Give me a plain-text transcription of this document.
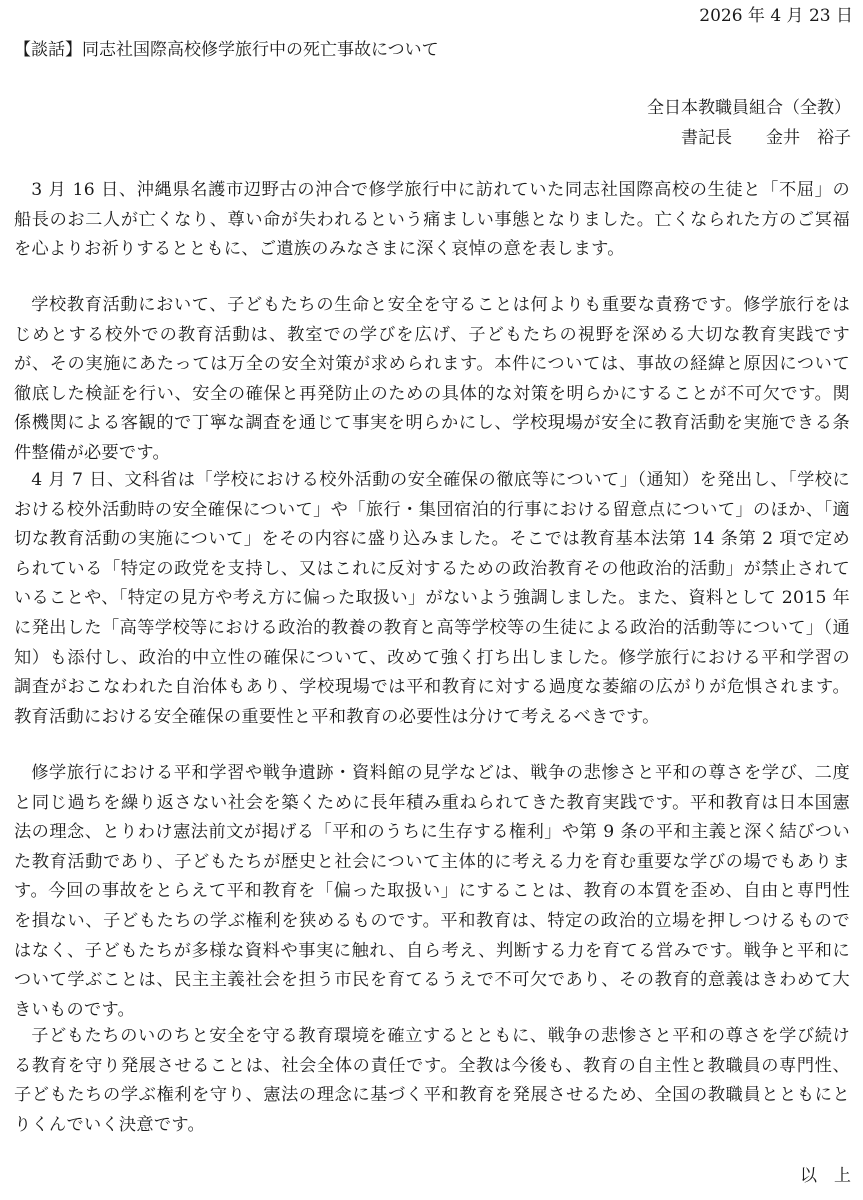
2026 年 4 月 23 日
【談話】同志社国際高校修学旅行中の死亡事故について
全日本教職員組合（全教）
書記長　　金井　裕子

3 月 16 日、沖縄県名護市辺野古の沖合で修学旅行中に訪れていた同志社国際高校の生徒と「不屈」の船長のお二人が亡くなり、尊い命が失われるという痛ましい事態となりました。亡くなられた方のご冥福を心よりお祈りするとともに、ご遺族のみなさまに深く哀悼の意を表します。

学校教育活動において、子どもたちの生命と安全を守ることは何よりも重要な責務です。修学旅行をはじめとする校外での教育活動は、教室での学びを広げ、子どもたちの視野を深める大切な教育実践ですが、その実施にあたっては万全の安全対策が求められます。本件については、事故の経緯と原因について徹底した検証を行い、安全の確保と再発防止のための具体的な対策を明らかにすることが不可欠です。関係機関による客観的で丁寧な調査を通じて事実を明らかにし、学校現場が安全に教育活動を実施できる条件整備が必要です。

4 月 7 日、文科省は「学校における校外活動の安全確保の徹底等について」（通知）を発出し、「学校における校外活動時の安全確保について」や「旅行・集団宿泊的行事における留意点について」のほか、「適切な教育活動の実施について」をその内容に盛り込みました。そこでは教育基本法第 14 条第 2 項で定められている「特定の政党を支持し、又はこれに反対するための政治教育その他政治的活動」が禁止されていることや、「特定の見方や考え方に偏った取扱い」がないよう強調しました。また、資料として 2015 年に発出した「高等学校等における政治的教養の教育と高等学校等の生徒による政治的活動等について」（通知）も添付し、政治的中立性の確保について、改めて強く打ち出しました。修学旅行における平和学習の調査がおこなわれた自治体もあり、学校現場では平和教育に対する過度な萎縮の広がりが危惧されます。教育活動における安全確保の重要性と平和教育の必要性は分けて考えるべきです。

修学旅行における平和学習や戦争遺跡・資料館の見学などは、戦争の悲惨さと平和の尊さを学び、二度と同じ過ちを繰り返さない社会を築くために長年積み重ねられてきた教育実践です。平和教育は日本国憲法の理念、とりわけ憲法前文が掲げる「平和のうちに生存する権利」や第 9 条の平和主義と深く結びついた教育活動であり、子どもたちが歴史と社会について主体的に考える力を育む重要な学びの場でもあります。今回の事故をとらえて平和教育を「偏った取扱い」にすることは、教育の本質を歪め、自由と専門性を損ない、子どもたちの学ぶ権利を狭めるものです。平和教育は、特定の政治的立場を押しつけるものではなく、子どもたちが多様な資料や事実に触れ、自ら考え、判断する力を育てる営みです。戦争と平和について学ぶことは、民主主義社会を担う市民を育てるうえで不可欠であり、その教育的意義はきわめて大きいものです。

子どもたちのいのちと安全を守る教育環境を確立するとともに、戦争の悲惨さと平和の尊さを学び続ける教育を守り発展させることは、社会全体の責任です。全教は今後も、教育の自主性と教職員の専門性、子どもたちの学ぶ権利を守り、憲法の理念に基づく平和教育を発展させるため、全国の教職員とともにとりくんでいく決意です。

以　上
